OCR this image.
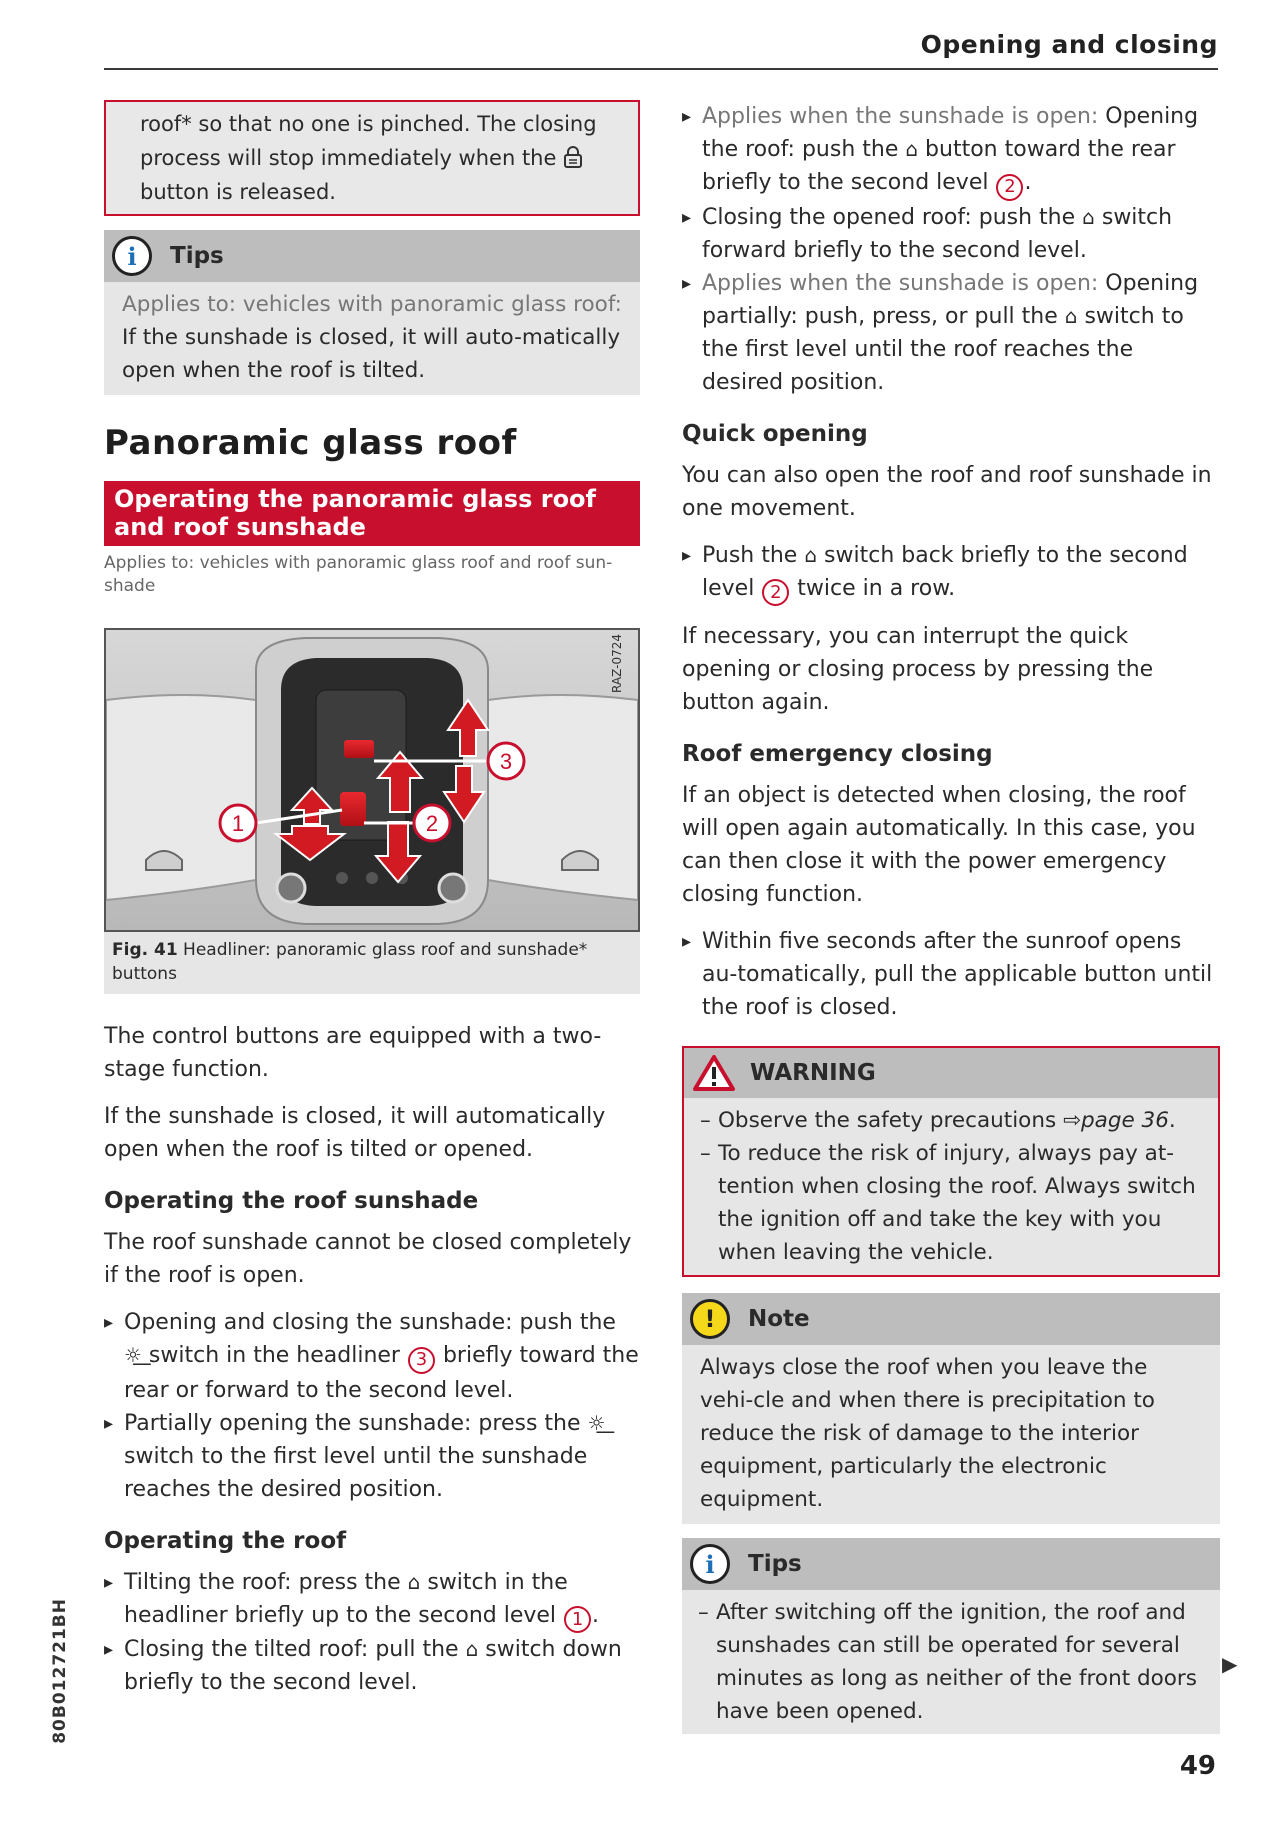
Opening and closing
roof* so that no one is pinched. The closing process will stop immediately when the  button is released.
i	Tips
Applies to: vehicles with panoramic glass roof: If the sunshade is closed, it will auto-matically open when the roof is tilted.
Panoramic glass roof
Operating the panoramic glass roof and roof sunshade
Applies to: vehicles with panoramic glass roof and roof sun-shade
1	2
3
RAZ-0724
Fig. 41 Headliner: panoramic glass roof and sunshade* buttons

The control buttons are equipped with a two-stage function.

If the sunshade is closed, it will automatically open when the roof is tilted or opened.

Operating the roof sunshade

The roof sunshade cannot be closed completely if the roof is open.

▸ Opening and closing the sunshade: push the ☼͟ switch in the headliner 3 briefly toward the rear or forward to the second level.
▸ Partially opening the sunshade: press the ☼͟ switch to the first level until the sunshade reaches the desired position.
Operating the roof
▸ Tilting the roof: press the ⌂ switch in the headliner briefly up to the second level 1 .
▸ Closing the tilted roof: pull the ⌂ switch down briefly to the second level.
▸ Applies when the sunshade is open: Opening the roof: push the ⌂ button toward the rear briefly to the second level 2 .
▸ Closing the opened roof: push the ⌂ switch forward briefly to the second level.
▸ Applies when the sunshade is open: Opening partially: push, press, or pull the ⌂ switch to the first level until the roof reaches the desired position.
Quick opening

You can also open the roof and roof sunshade in one movement.

▸ Push the ⌂ switch back briefly to the second level 2 twice in a row.

If necessary, you can interrupt the quick opening or closing process by pressing the button again.

Roof emergency closing

If an object is detected when closing, the roof will open again automatically. In this case, you can then close it with the power emergency closing function.

▸ Within five seconds after the sunroof opens au-tomatically, pull the applicable button until the roof is closed.
WARNING
– Observe the safety precautions ⇨page 36.
– To reduce the risk of injury, always pay at-tention when closing the roof. Always switch the ignition off and take the key with you when leaving the vehicle.
!	Note
Always close the roof when you leave the vehi-cle and when there is precipitation to reduce the risk of damage to the interior equipment, particularly the electronic equipment.
i	Tips
– After switching off the ignition, the roof and sunshades can still be operated for several minutes as long as neither of the front doors have been opened.
▶
80B012721BH
49
